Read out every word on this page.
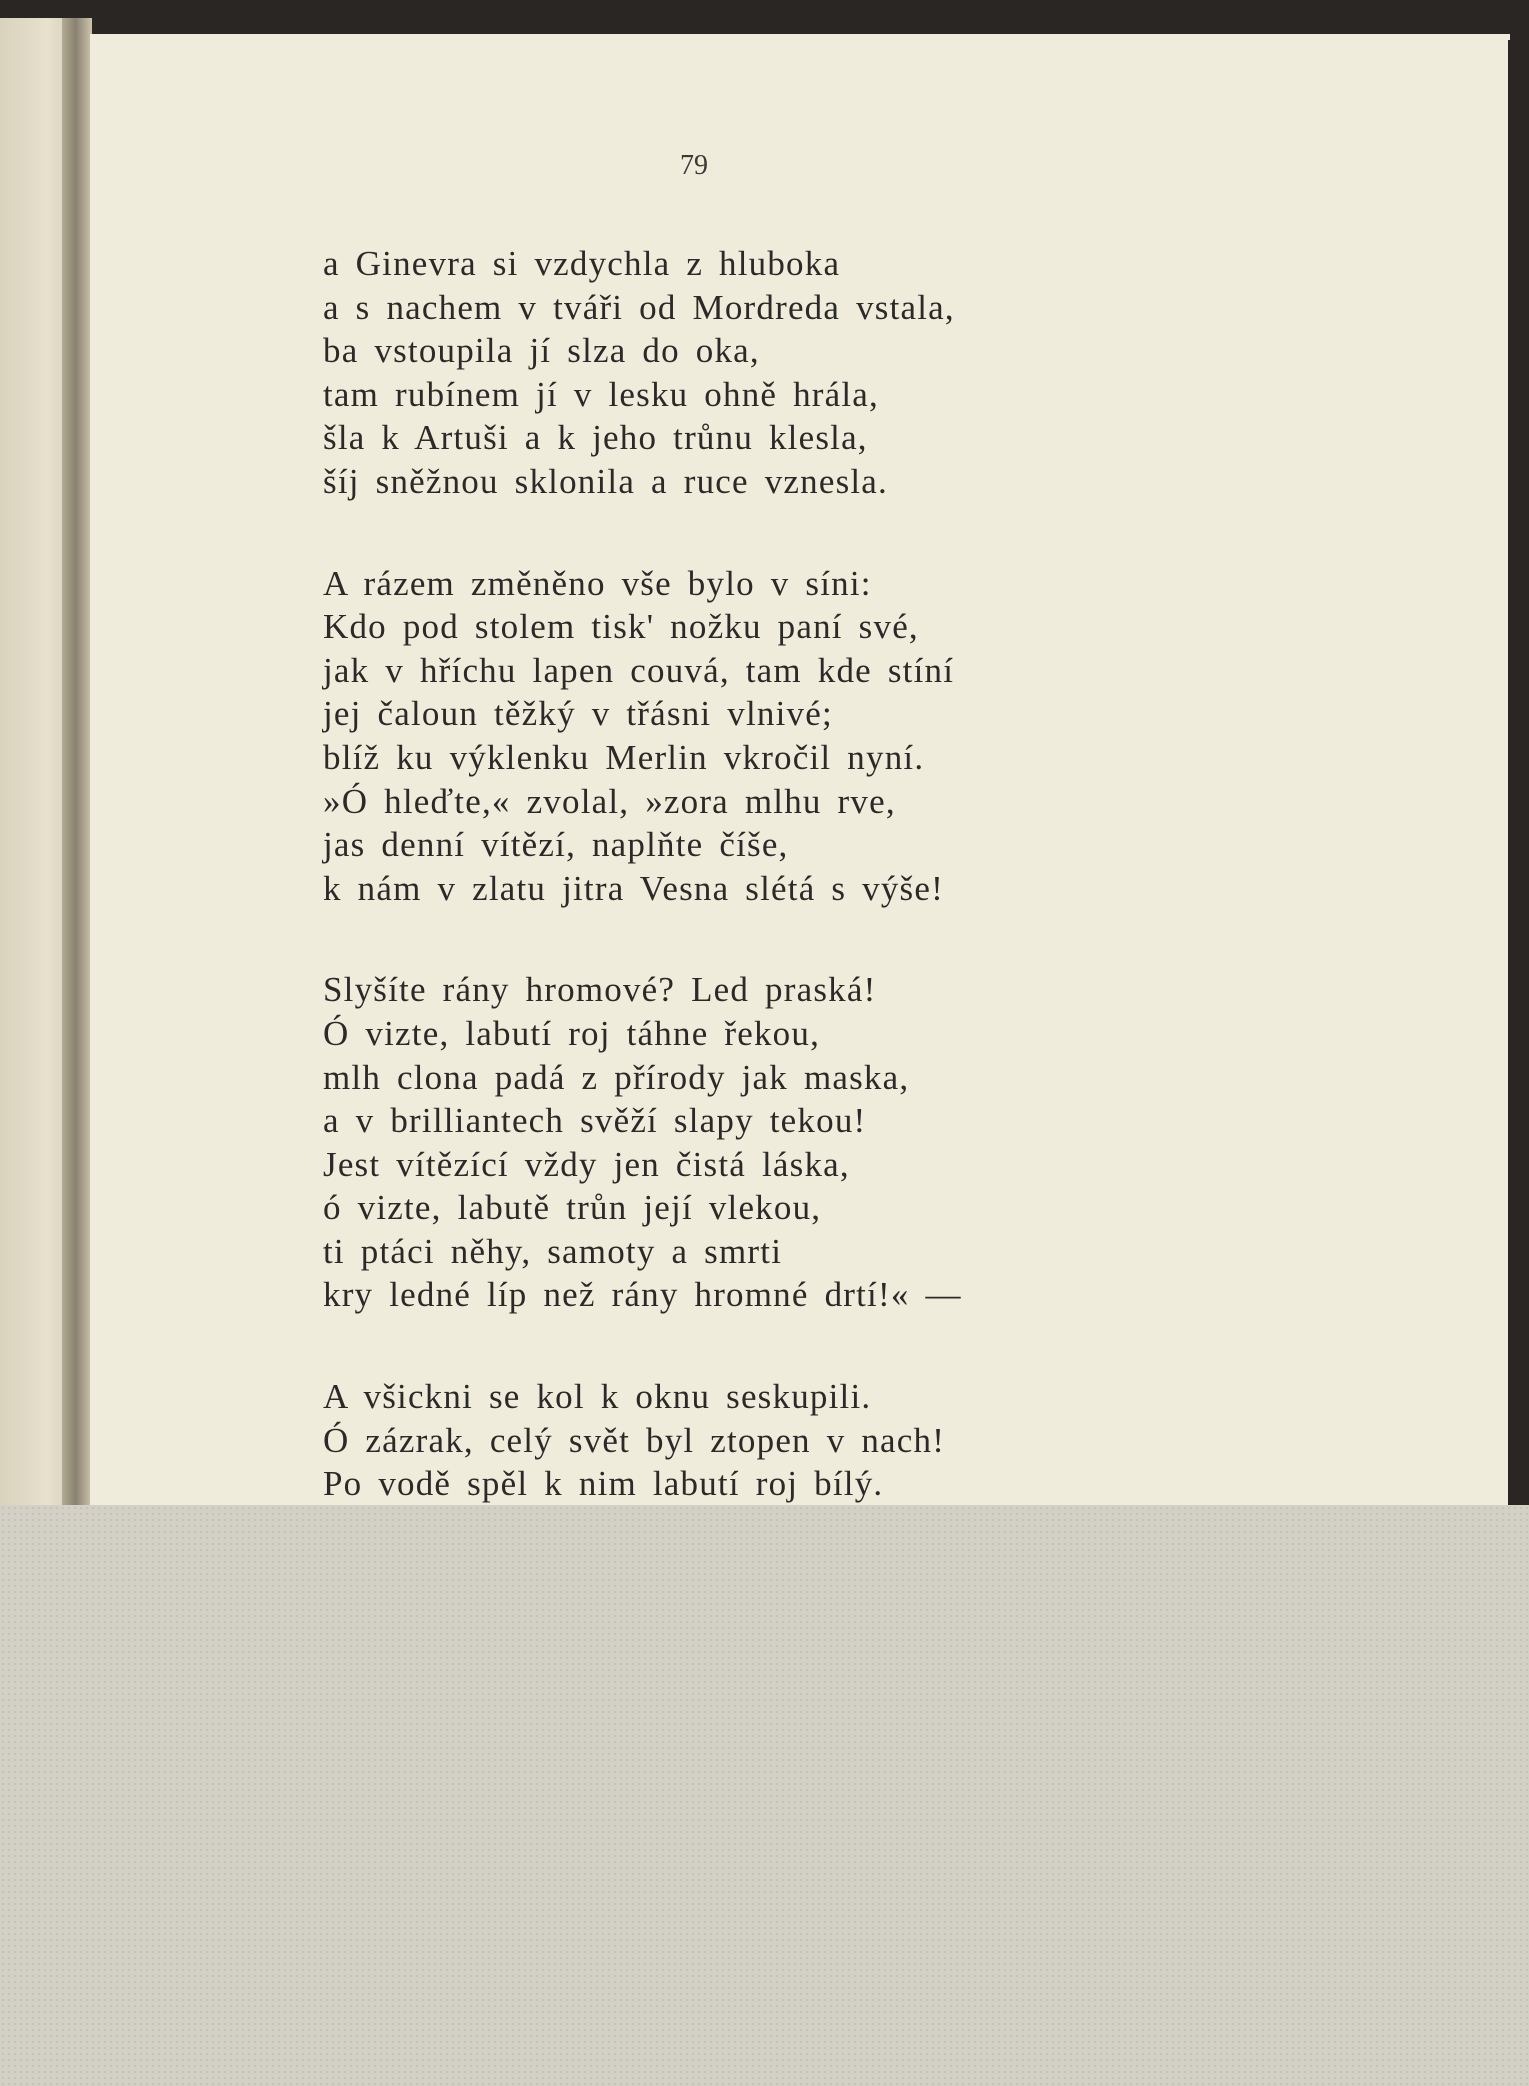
79
a Ginevra si vzdychla z hluboka
a s nachem v tváři od Mordreda vstala,
ba vstoupila jí slza do oka,
tam rubínem jí v lesku ohně hrála,
šla k Artuši a k jeho trůnu klesla,
šíj sněžnou sklonila a ruce vznesla.
A rázem změněno vše bylo v síni:
Kdo pod stolem tisk' nožku paní své,
jak v hříchu lapen couvá, tam kde stíní
jej čaloun těžký v třásni vlnivé;
blíž ku výklenku Merlin vkročil nyní.
»Ó hleďte,« zvolal, »zora mlhu rve,
jas denní vítězí, naplňte číše,
k nám v zlatu jitra Vesna slétá s výše!
Slyšíte rány hromové? Led praská!
Ó vizte, labutí roj táhne řekou,
mlh clona padá z přírody jak maska,
a v brilliantech svěží slapy tekou!
Jest vítězící vždy jen čistá láska,
ó vizte, labutě trůn její vlekou,
ti ptáci něhy, samoty a smrti
kry ledné líp než rány hromné drtí!« —
A všickni se kol k oknu seskupili.
Ó zázrak, celý svět byl ztopen v nach!
Po vodě spěl k nim labutí roj bílý.
